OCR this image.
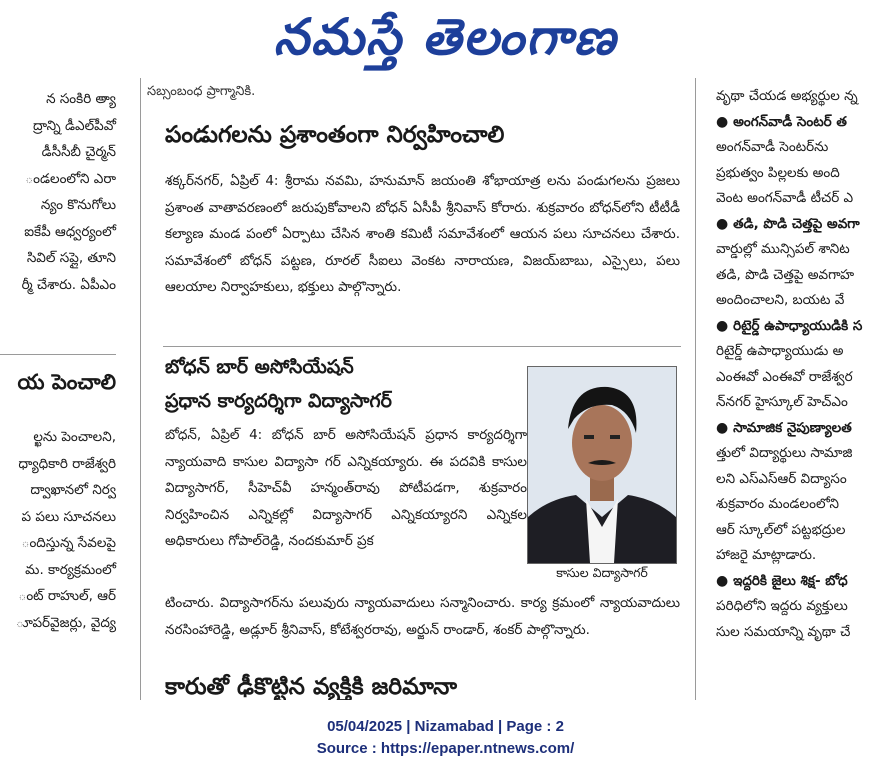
నమస్తే తెలంగాణ
న సంకిరి అ్యా
ద్రాన్ని డీఎల్‌పీవో
డీసీసీబీ చైర్మన్
ండలంలోని ఎరా
న్యం కొనుగోలు
ఐకేపీ ఆధ్వర్యంలో
సివిల్ సప్లై, తూని
ర్మీ చేశారు. ఏపీఎం
య పెంచాలి
ల్ఖను పెంచాలని,
ధ్యాధికారి రాజేశ్వరి
ద్వాఖానలో నిర్వ
ప పలు సూచనలు
ందిస్తున్న సేవలపై
మ. కార్యక్రమంలో
ంట్ రాహుల్, ఆర్
ూపర్‌వైజర్లు, వైద్య
సబ్సంబంధ ప్రాగ్మానికి.
పండుగలను ప్రశాంతంగా నిర్వహించాలి

శక్కర్‌నగర్, ఏప్రిల్ 4: శ్రీరామ నవమి, హనుమాన్ జయంతి శోభాయాత్ర లను పండుగలను ప్రజలు ప్రశాంత వాతావరణంలో జరుపుకోవాలని బోధన్ ఏసీపీ శ్రీనివాస్ కోరారు. శుక్రవారం బోధన్‌లోని టీటీడీ కల్యాణ మండ పంలో ఏర్పాటు చేసిన శాంతి కమిటీ సమావేశంలో ఆయన పలు సూచనలు చేశారు. సమావేశంలో బోధన్ పట్టణ, రూరల్ సీఐలు వెంకట నారాయణ, విజయ్‌బాబు, ఎస్సైలు, పలు ఆలయాల నిర్వాహకులు, భక్తులు పాల్గొన్నారు.

బోధన్ బార్ అసోసియేషన్
ప్రధాన కార్యదర్శిగా విద్యాసాగర్

బోధన్, ఏప్రిల్ 4: బోధన్ బార్ అసోసియేషన్ ప్రధాన కార్యదర్శిగా న్యాయవాది కాసుల విద్యాసా గర్ ఎన్నికయ్యారు. ఈ పదవికి కాసుల విద్యాసాగర్, సీహెచ్‌వీ హన్మంత్‌రావు పోటీపడగా, శుక్రవారం నిర్వహించిన ఎన్నికల్లో విద్యాసాగర్ ఎన్నికయ్యారని ఎన్నికల అధికారులు గోపాల్‌రెడ్డి, నందకుమార్ ప్రక

కాసుల విద్యాసాగర్

టించారు. విద్యాసాగర్‌ను పలువురు న్యాయవాదులు సన్మానించారు. కార్య క్రమంలో న్యాయవాదులు నరసింహారెడ్డి, అడ్లూర్ శ్రీనివాస్, కోటేశ్వరరావు, అర్జున్ రాండార్, శంకర్ పాల్గొన్నారు.

కారుతో ఢీకొట్టిన వ్యక్తికి జరిమానా

వృథా చేయడ అభ్యర్థుల న్న

● అంగన్‌వాడీ సెంటర్ త

అంగన్‌వాడీ సెంటర్‌ను

ప్రభుత్వం పిల్లలకు అంది

వెంట అంగన్‌వాడీ టీచర్ ఎ

● తడి, పొడి చెత్తపై అవగా

వార్డుల్లో మున్సిపల్ శానిట

తడి, పొడి చెత్తపై అవగాహ

అందించాలని, బయట వే

● రిటైర్డ్ ఉపాధ్యాయుడికి స

రిటైర్డ్ ఉపాధ్యాయుడు అ

ఎంఈవో ఎంఈవో రాజేశ్వర

న్‌నగర్ హైస్కూల్ హెచ్‌ఎం

● సామాజిక నైపుణ్యాలత

త్తులో విద్యార్థులు సామాజి

లని ఎస్‌ఎస్‌ఆర్ విద్యాసం

శుక్రవారం మండలంలోని

ఆర్ స్కూల్‌లో పట్టభద్రుల

హాజరై మాట్లాడారు.

● ఇద్దరికి జైలు శిక్ష- బోధ

పరిధిలోని ఇద్దరు వ్యక్తులు

సుల సమయాన్ని వృథా చే

05/04/2025 | Nizamabad | Page : 2
Source : https://epaper.ntnews.com/
